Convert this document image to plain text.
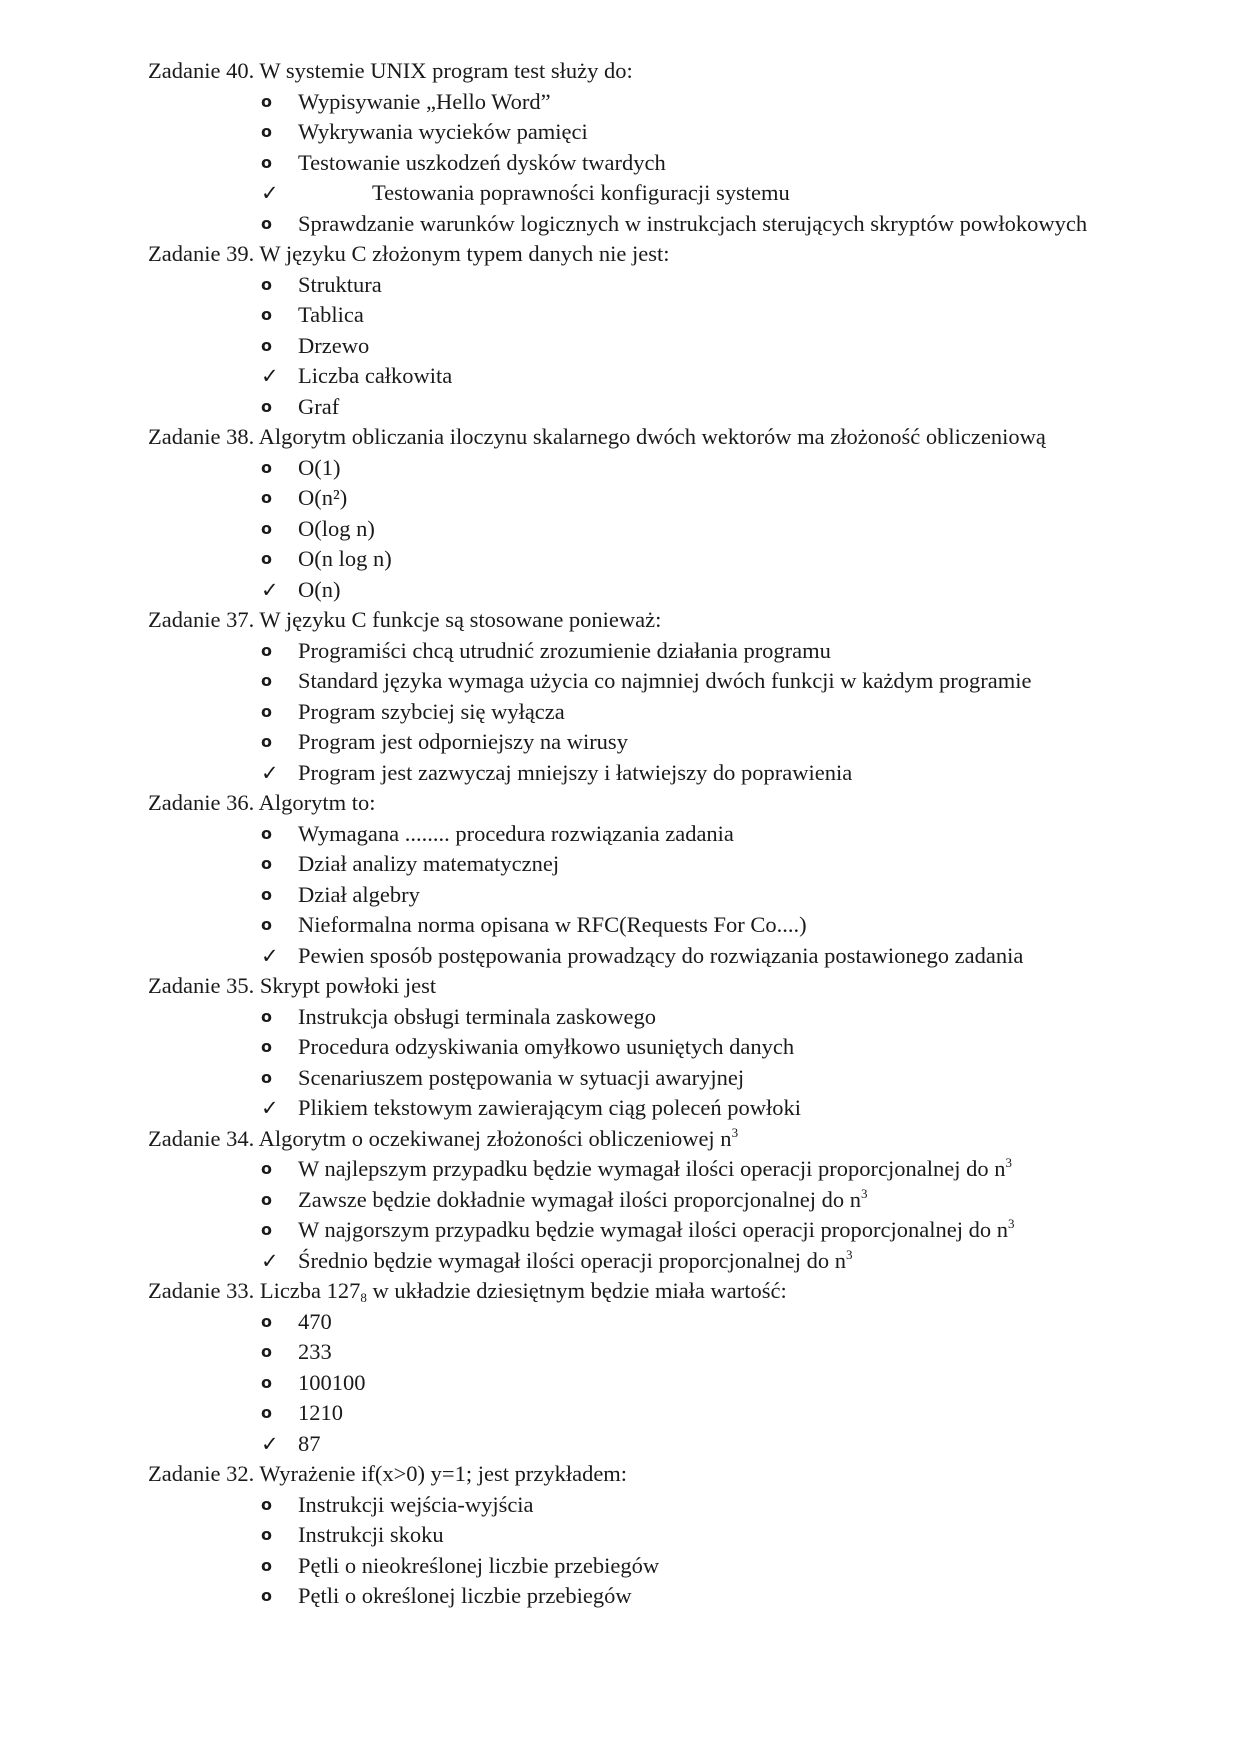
Zadanie 40. W systemie UNIX program test służy do:
o	Wypisywanie „Hello Word”
o	Wykrywania wycieków pamięci
o	Testowanie uszkodzeń dysków twardych
✓	Testowania poprawności konfiguracji systemu
o	Sprawdzanie warunków logicznych w instrukcjach sterujących skryptów powłokowych
Zadanie 39. W języku C złożonym typem danych nie jest:
o	Struktura
o	Tablica
o	Drzewo
✓ Liczba całkowita
o	Graf
Zadanie 38. Algorytm obliczania iloczynu skalarnego dwóch wektorów ma złożoność obliczeniową
o	O(1)
o	O(n²)
o	O(log n)
o	O(n log n)
✓ O(n)
Zadanie 37. W języku C funkcje są stosowane ponieważ:
o	Programiści chcą utrudnić zrozumienie działania programu
o	Standard języka wymaga użycia co najmniej dwóch funkcji w każdym programie
o	Program szybciej się wyłącza
o	Program jest odporniejszy na wirusy
✓ Program jest zazwyczaj mniejszy i łatwiejszy do poprawienia
Zadanie 36. Algorytm to:
o	Wymagana ........ procedura rozwiązania zadania
o	Dział analizy matematycznej
o	Dział algebry
o	Nieformalna norma opisana w RFC(Requests For Co....)
✓ Pewien sposób postępowania prowadzący do rozwiązania postawionego zadania
Zadanie 35. Skrypt powłoki jest
o	Instrukcja obsługi terminala zaskowego
o	Procedura odzyskiwania omyłkowo usuniętych danych
o	Scenariuszem postępowania w sytuacji awaryjnej
✓ Plikiem tekstowym zawierającym ciąg poleceń powłoki
Zadanie 34. Algorytm o oczekiwanej złożoności obliczeniowej $n^3$
o	W najlepszym przypadku będzie wymagał ilości operacji proporcjonalnej do $n^3$
o	Zawsze będzie dokładnie wymagał ilości proporcjonalnej do $n^3$
o	W najgorszym przypadku będzie wymagał ilości operacji proporcjonalnej do $n^3$
✓ Średnio będzie wymagał ilości operacji proporcjonalnej do $n^3$
Zadanie 33. Liczba $127_8$ w układzie dziesiętnym będzie miała wartość:
o	470
o	233
o	100100
o	1210
✓ 87
Zadanie 32. Wyrażenie if(x>0) y=1; jest przykładem:
o	Instrukcji wejścia-wyjścia
o	Instrukcji skoku
o	Pętli o nieokreślonej liczbie przebiegów
o	Pętli o określonej liczbie przebiegów
